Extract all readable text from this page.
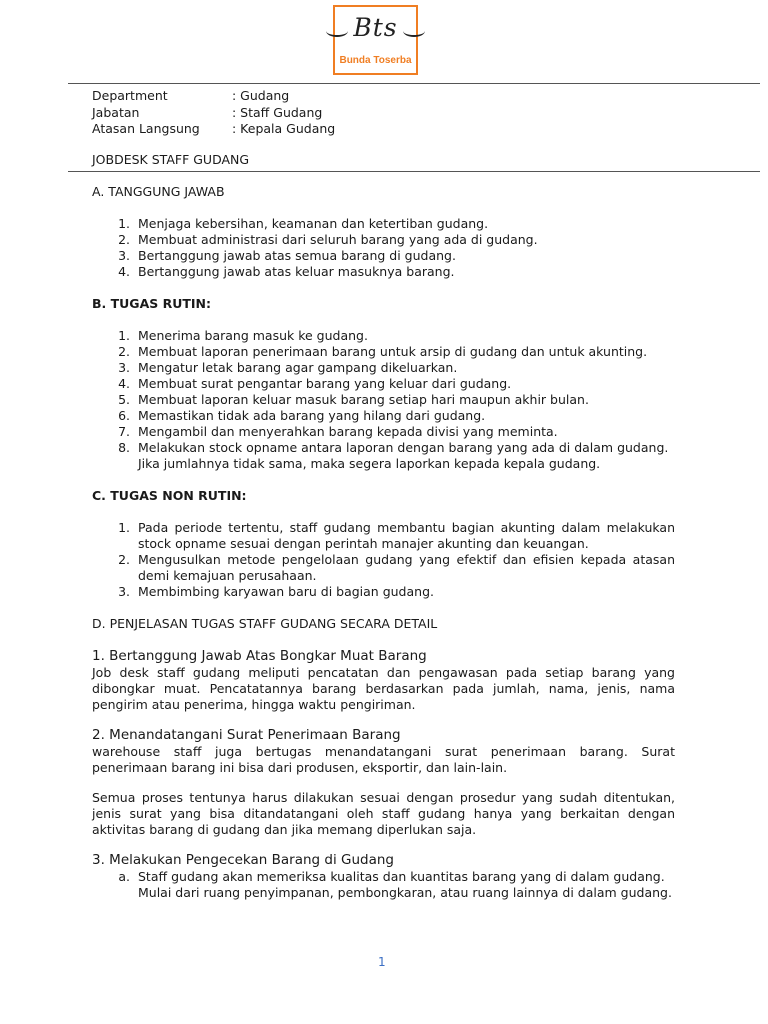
Bts
Bunda Toserba
Department	: Gudang
Jabatan	: Staff Gudang
Atasan Langsung	: Kepala Gudang
JOBDESK STAFF GUDANG
A. TANGGUNG JAWAB
1. Menjaga kebersihan, keamanan dan ketertiban gudang.
2. Membuat administrasi dari seluruh barang yang ada di gudang.
3. Bertanggung jawab atas semua barang di gudang.
4. Bertanggung jawab atas keluar masuknya barang.
B. TUGAS RUTIN:
1. Menerima barang masuk ke gudang.
2. Membuat laporan penerimaan barang untuk arsip di gudang dan untuk akunting.
3. Mengatur letak barang agar gampang dikeluarkan.
4. Membuat surat pengantar barang yang keluar dari gudang.
5. Membuat laporan keluar masuk barang setiap hari maupun akhir bulan.
6. Memastikan tidak ada barang yang hilang dari gudang.
7. Mengambil dan menyerahkan barang kepada divisi yang meminta.
8. Melakukan stock opname antara laporan dengan barang yang ada di dalam gudang. Jika jumlahnya tidak sama, maka segera laporkan kepada kepala gudang.
C. TUGAS NON RUTIN:
1. Pada periode tertentu, staff gudang membantu bagian akunting dalam melakukan stock opname sesuai dengan perintah manajer akunting dan keuangan.
2. Mengusulkan metode pengelolaan gudang yang efektif dan efisien kepada atasan demi kemajuan perusahaan.
3. Membimbing karyawan baru di bagian gudang.
D. PENJELASAN TUGAS STAFF GUDANG SECARA DETAIL
1. Bertanggung Jawab Atas Bongkar Muat Barang

Job desk staff gudang meliputi pencatatan dan pengawasan pada setiap barang yang dibongkar muat. Pencatatannya barang berdasarkan pada jumlah, nama, jenis, nama pengirim atau penerima, hingga waktu pengiriman.

2. Menandatangani Surat Penerimaan Barang

warehouse staff juga bertugas menandatangani surat penerimaan barang. Surat penerimaan barang ini bisa dari produsen, eksportir, dan lain-lain.

Semua proses tentunya harus dilakukan sesuai dengan prosedur yang sudah ditentukan, jenis surat yang bisa ditandatangani oleh staff gudang hanya yang berkaitan dengan aktivitas barang di gudang dan jika memang diperlukan saja.

3. Melakukan Pengecekan Barang di Gudang
a. Staff gudang akan memeriksa kualitas dan kuantitas barang yang di dalam gudang. Mulai dari ruang penyimpanan, pembongkaran, atau ruang lainnya di dalam gudang.
1
